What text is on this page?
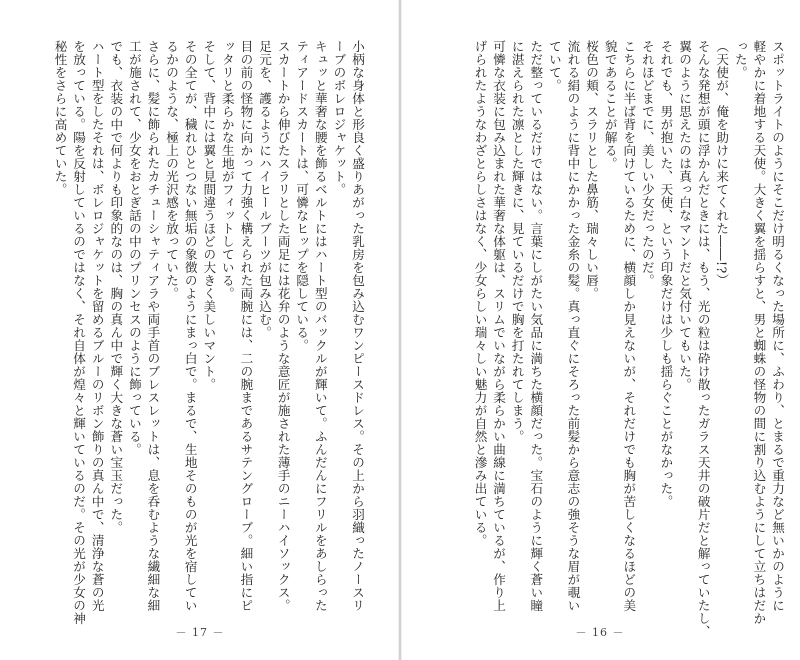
小柄な身体と形良く盛りあがった乳房を包み込むワンピースドレス。その上から羽織ったノースリ
ーブのボレロジャケット。
キュッと華奢な腰を飾るベルトにはハート型のバックルが輝いて。ふんだんにフリルをあしらった
ティアードスカートは、可憐なヒップを隠している。
スカートから伸びたスラリとした両足には花弁のような意匠が施された薄手のニーハイソックス。
足元を、護るようにハイヒールブーツが包み込む。
目の前の怪物に向かって力強く構えられた両腕には、二の腕まであるサテングローブ。細い指にピ
ッタリと柔らかな生地がフィットしている。
そして、背中には翼と見間違うほどの大きく美しいマント。
その全てが、穢れひとつない無垢の象徴のようにまっ白で。まるで、生地そのものが光を宿してい
るかのような、極上の光沢感を放っていた。
さらに、髪に飾られたカチューシャティアラや両手首のブレスレットは、息を呑むような繊細な細
工が施されて、少女をおとぎ話の中のプリンセスのように飾っている。
でも、衣装の中で何よりも印象的なのは、胸の真ん中で輝く大きな蒼い宝玉だった。
ハート型をしたそれは、ボレロジャケットを留めるブルーのリボン飾りの真ん中で、清浄な蒼の光
を放っている。陽を反射しているのではなく、それ自体が煌々と輝いているのだ。その光が少女の神
秘性をさらに高めていた。
－ 17 －
スポットライトのようにそこだけ明るくなった場所に、ふわり、とまるで重力など無いかのように
軽やかに着地する天使。大きく翼を揺らすと、男と蜘蛛の怪物の間に割り込むようにして立ちはだか
った。
（天使が、俺を助けに来てくれた――!?）
そんな発想が頭に浮かんだときには、もう、光の粒は砕け散ったガラス天井の破片だと解っていたし、
翼のように思えたのは真っ白なマントだと気付いてもいた。
それでも、男が抱いた、天使、という印象だけは少しも揺らぐことがなかった。
それほどまでに、美しい少女だったのだ。
こちらに半ば背を向けているために、横顔しか見えないが、それだけでも胸が苦しくなるほどの美
貌であることが解る。
桜色の頬、スラリとした鼻筋、瑞々しい唇。
流れる絹のように背中にかかった金糸の髪。真っ直ぐにそろった前髪から意志の強そうな眉が覗い
ていて。
ただ整っているだけではない。言葉にしがたい気品に満ちた横顔だった。宝石のように輝く蒼い瞳
に湛えられた凛とした輝きに、見ているだけで胸を打たれてしまう。
可憐な衣装に包み込まれた華奢な体躯は、スリムでいながら柔らかい曲線に満ちているが、作り上
げられたようなわざとらしさはなく、少女らしい瑞々しい魅力が自然と滲み出ている。
－ 16 －
